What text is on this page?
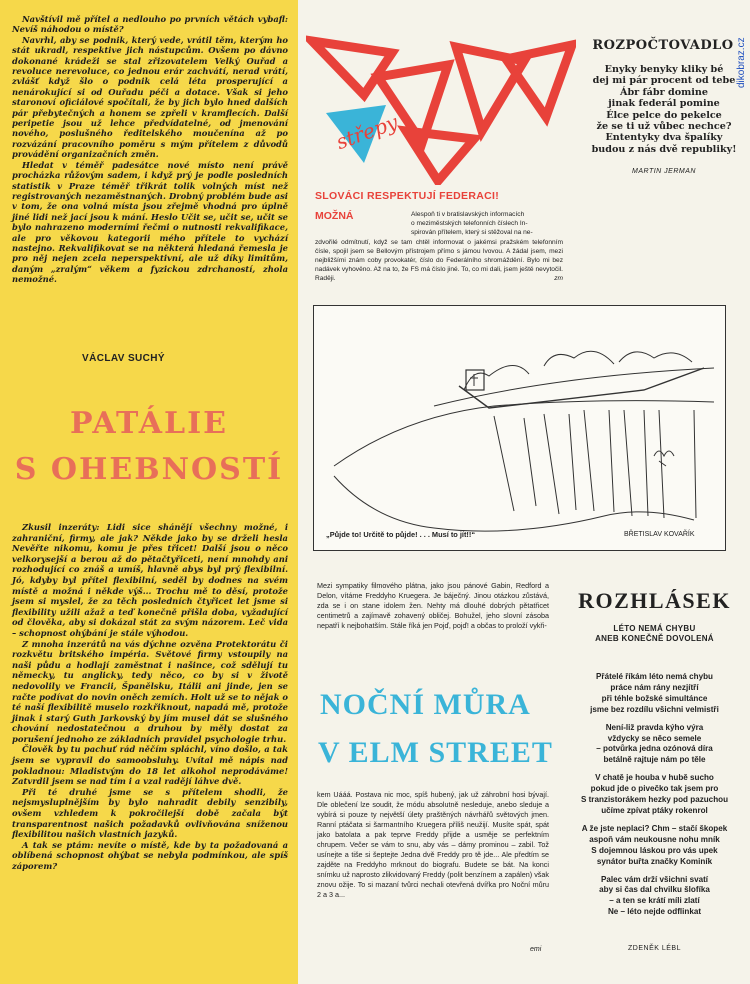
Navštívil mě přítel a nedlouho po prvních větách vybafl: Nevíš náhodou o místě?

Navrhl, aby se podnik, který vede, vrátil těm, kterým ho stát ukradl, respektive jich nástupcům. Ovšem po dávno dokonané krádeži se stal zřizovatelem Velký Ouřad a revoluce nerevoluce, co jednou erár zachvátí, nerad vrátí, zvlášť když šlo o podnik celá léta prosperující a nenárokující si od Ouřadu péči a dotace. Však si jeho staronoví oficiálové spočítali, že by jich bylo hned dalších pár přebytečných a honem se zpřeli v kramflecích. Další peripetie jsou už lehce předvídatelné, od jmenování nového, poslušného ředitelského moučenína až po rozvázání pracovního poměru s mým přítelem z důvodů provádění organizačních změn.

Hledat v téměř padesátce nové místo není právě procházka růžovým sadem, i když prý je podle posledních statistik v Praze téměř třikrát tolik volných míst než registrovaných nezaměstnaných. Drobný problém bude asi v tom, že ona volná místa jsou zřejmě vhodná pro úplně jiné lidi než jací jsou k mání. Heslo Učit se, učit se, učit se bylo nahrazeno moderními řečmi o nutnosti rekvalifikace, ale pro věkovou kategorii mého přítele to vychází nastejno. Rekvalifikovat se na některá hledaná řemesla je pro něj nejen zcela neperspektivní, ale už díky limitům, daným „zralým“ věkem a fyzickou zdrchaností, zhola nemožné.

VÁCLAV SUCHÝ
PATÁLIE
S OHEBNOSTÍ

Zkusil inzeráty: Lidi sice shánějí všechny možné, i zahraniční, firmy, ale jak? Někde jako by se drželi hesla Nevěřte nikomu, komu je přes třicet! Další jsou o něco velkorysejší a berou až do pětačtyřiceti, není mnohdy ani rozhodující co znáš a umíš, hlavně abys byl prý flexibilní. Jó, kdyby byl přítel flexibilní, seděl by dodnes na svém místě a možná i někde výš... Trochu mě to děsí, protože jsem si myslel, že za těch posledních čtyřicet let jsme si flexibility užili ažaž a teď konečně přišla doba, vyžadující od člověka, aby si dokázal stát za svým názorem. Leč vida – schopnost ohýbání je stále výhodou.

Z mnoha inzerátů na vás dýchne ozvěna Protektorátu či rozkvětu britského impéria. Světové firmy vstoupily na naši půdu a hodlají zaměstnat i našince, což sdělují tu německy, tu anglicky, tedy něco, co by si v životě nedovolily ve Francii, Španělsku, Itálii ani jinde, jen se račte podívat do novin oněch zemích. Holt už se to nějak o té naší flexibilitě muselo rozkřiknout, napadá mě, protože jinak i starý Guth Jarkovský by jím musel dát se slušného chování nedostatečnou a druhou by měly dostat za porušení jednoho ze základních pravidel psychologie trhu.

Člověk by tu pachuť rád něčím spláchl, víno došlo, a tak jsem se vypravil do samoobsluhy. Uvítal mě nápis nad pokladnou: Mladistvým do 18 let alkohol neprodáváme! Zatvrdil jsem se nad tím i a vzal radějí láhve dvě.

Při té druhé jsme se s přítelem shodli, že nejsmysluplnějším by bylo nahradit debily senzibily, ovšem vzhledem k pokročilejší době začala být transparentnost našich požadavků ovlivňována sníženou flexibilitou našich vlastních jazyků.

A tak se ptám: nevíte o místě, kde by ta požadovaná a oblíbená schopnost ohýbat se nebyla podmínkou, ale spíš záporem?

střepy
SLOVÁCI RESPEKTUJÍ FEDERACI!
MOŽNÁ	Alespoň ti v bratislavských informacích
o meziměstských telefonních číslech In-
spirován přítelem, který si stěžoval na ne-
zdvořilé odmítnutí, když se tam chtěl informovat o jakémsi pražském telefonním čísle, spojil jsem se Bellovým přístrojem přímo s jámou lvovou. A žádal jsem, mezi nejbližšími znám coby provokatér, číslo do Federálního shromáždění. Bylo mi bez nadávek vyhověno. Až na to, že FS má číslo jiné. To, co mi dali, jsem ještě nevytočil. Raději.	zm
ROZPOČTOVADLO
Enyky benyky kliky bé
dej mi pár procent od tebe
Ábr fábr domine
jinak federál pomine
Élce pelce do pekelce
že se ti už vůbec nechce?
Ententyky dva špalíky
budou z nás dvě republiky!
MARTIN JERMAN
dikobraz.cz
„Půjde to! Určitě to půjde! . . . Musí to jít!!“	BŘETISLAV KOVAŘÍK
Mezi sympatiky filmového plátna, jako jsou pánové Gabin, Redford a Delon, vítáme Freddyho Kruegera. Je báječný. Jinou otázkou zůstává, zda se i on stane idolem žen. Nehty má dlouhé dobrých pětatřicet centimetrů a zajímavě zohavený obličej. Bohužel, jeho slovní zásoba nepatří k nejbohatším. Stále říká jen Pojď, pojď! a občas to proloží vykři-
NOČNÍ MŮRA
V ELM STREET
kem Uááá. Postava nic moc, spíš hubený, jak už záhrobní hosi bývají. Dle oblečení lze soudit, že módu absolutně nesleduje, anebo sleduje a vybírá si pouze ty největší úlety praštěných návrhářů světových jmen. Ranní ptáčata si šarmantního Kruegera příliš neužijí. Musíte spát, spát jako batolata a pak teprve Freddy přijde a usměje se perfektním chrupem. Večer se vám to snu, aby vás – dámy prominou – zabil. Tož usínejte a tiše si šeptejte Jedna dvě Freddy pro tě jde... Ale předtím se zajděte na Freddyho mrknout do biografu. Budete se bát. Na konci snímku už naprosto zlikvidovaný Freddy (polit benzínem a zapálen) však znovu ožije. To si mazaní tvůrci nechali otevřená dvířka pro Noční můru 2 a 3 a...
emi
ROZHLÁSEK
LÉTO NEMÁ CHYBU
ANEB KONEČNĚ DOVOLENÁ
Přátelé říkám léto nemá chybu
práce nám rány nezjítří
při téhle božské simultánce
jsme bez rozdílu všichni velmistři
Není-liž pravda kýho výra
vždycky se něco semele
– potvůrka jedna ozónová díra
betálně rajtuje nám po těle
V chatě je houba v hubě sucho
pokud jde o pivečko tak jsem pro
S tranzistorákem hezky pod pazuchou
učíme zpívat ptáky rokenrol
A že jste neplaci? Chm – stačí škopek
aspoň vám neukousne nohu mník
S dojemnou láskou pro vás upek
synátor buřta značky Kominík
Palec vám drží všichni svatí
aby si čas dal chvilku šlofíka
– a ten se krátí míli zlatí
Ne – léto nejde odflinkat
ZDENĚK LÉBL
